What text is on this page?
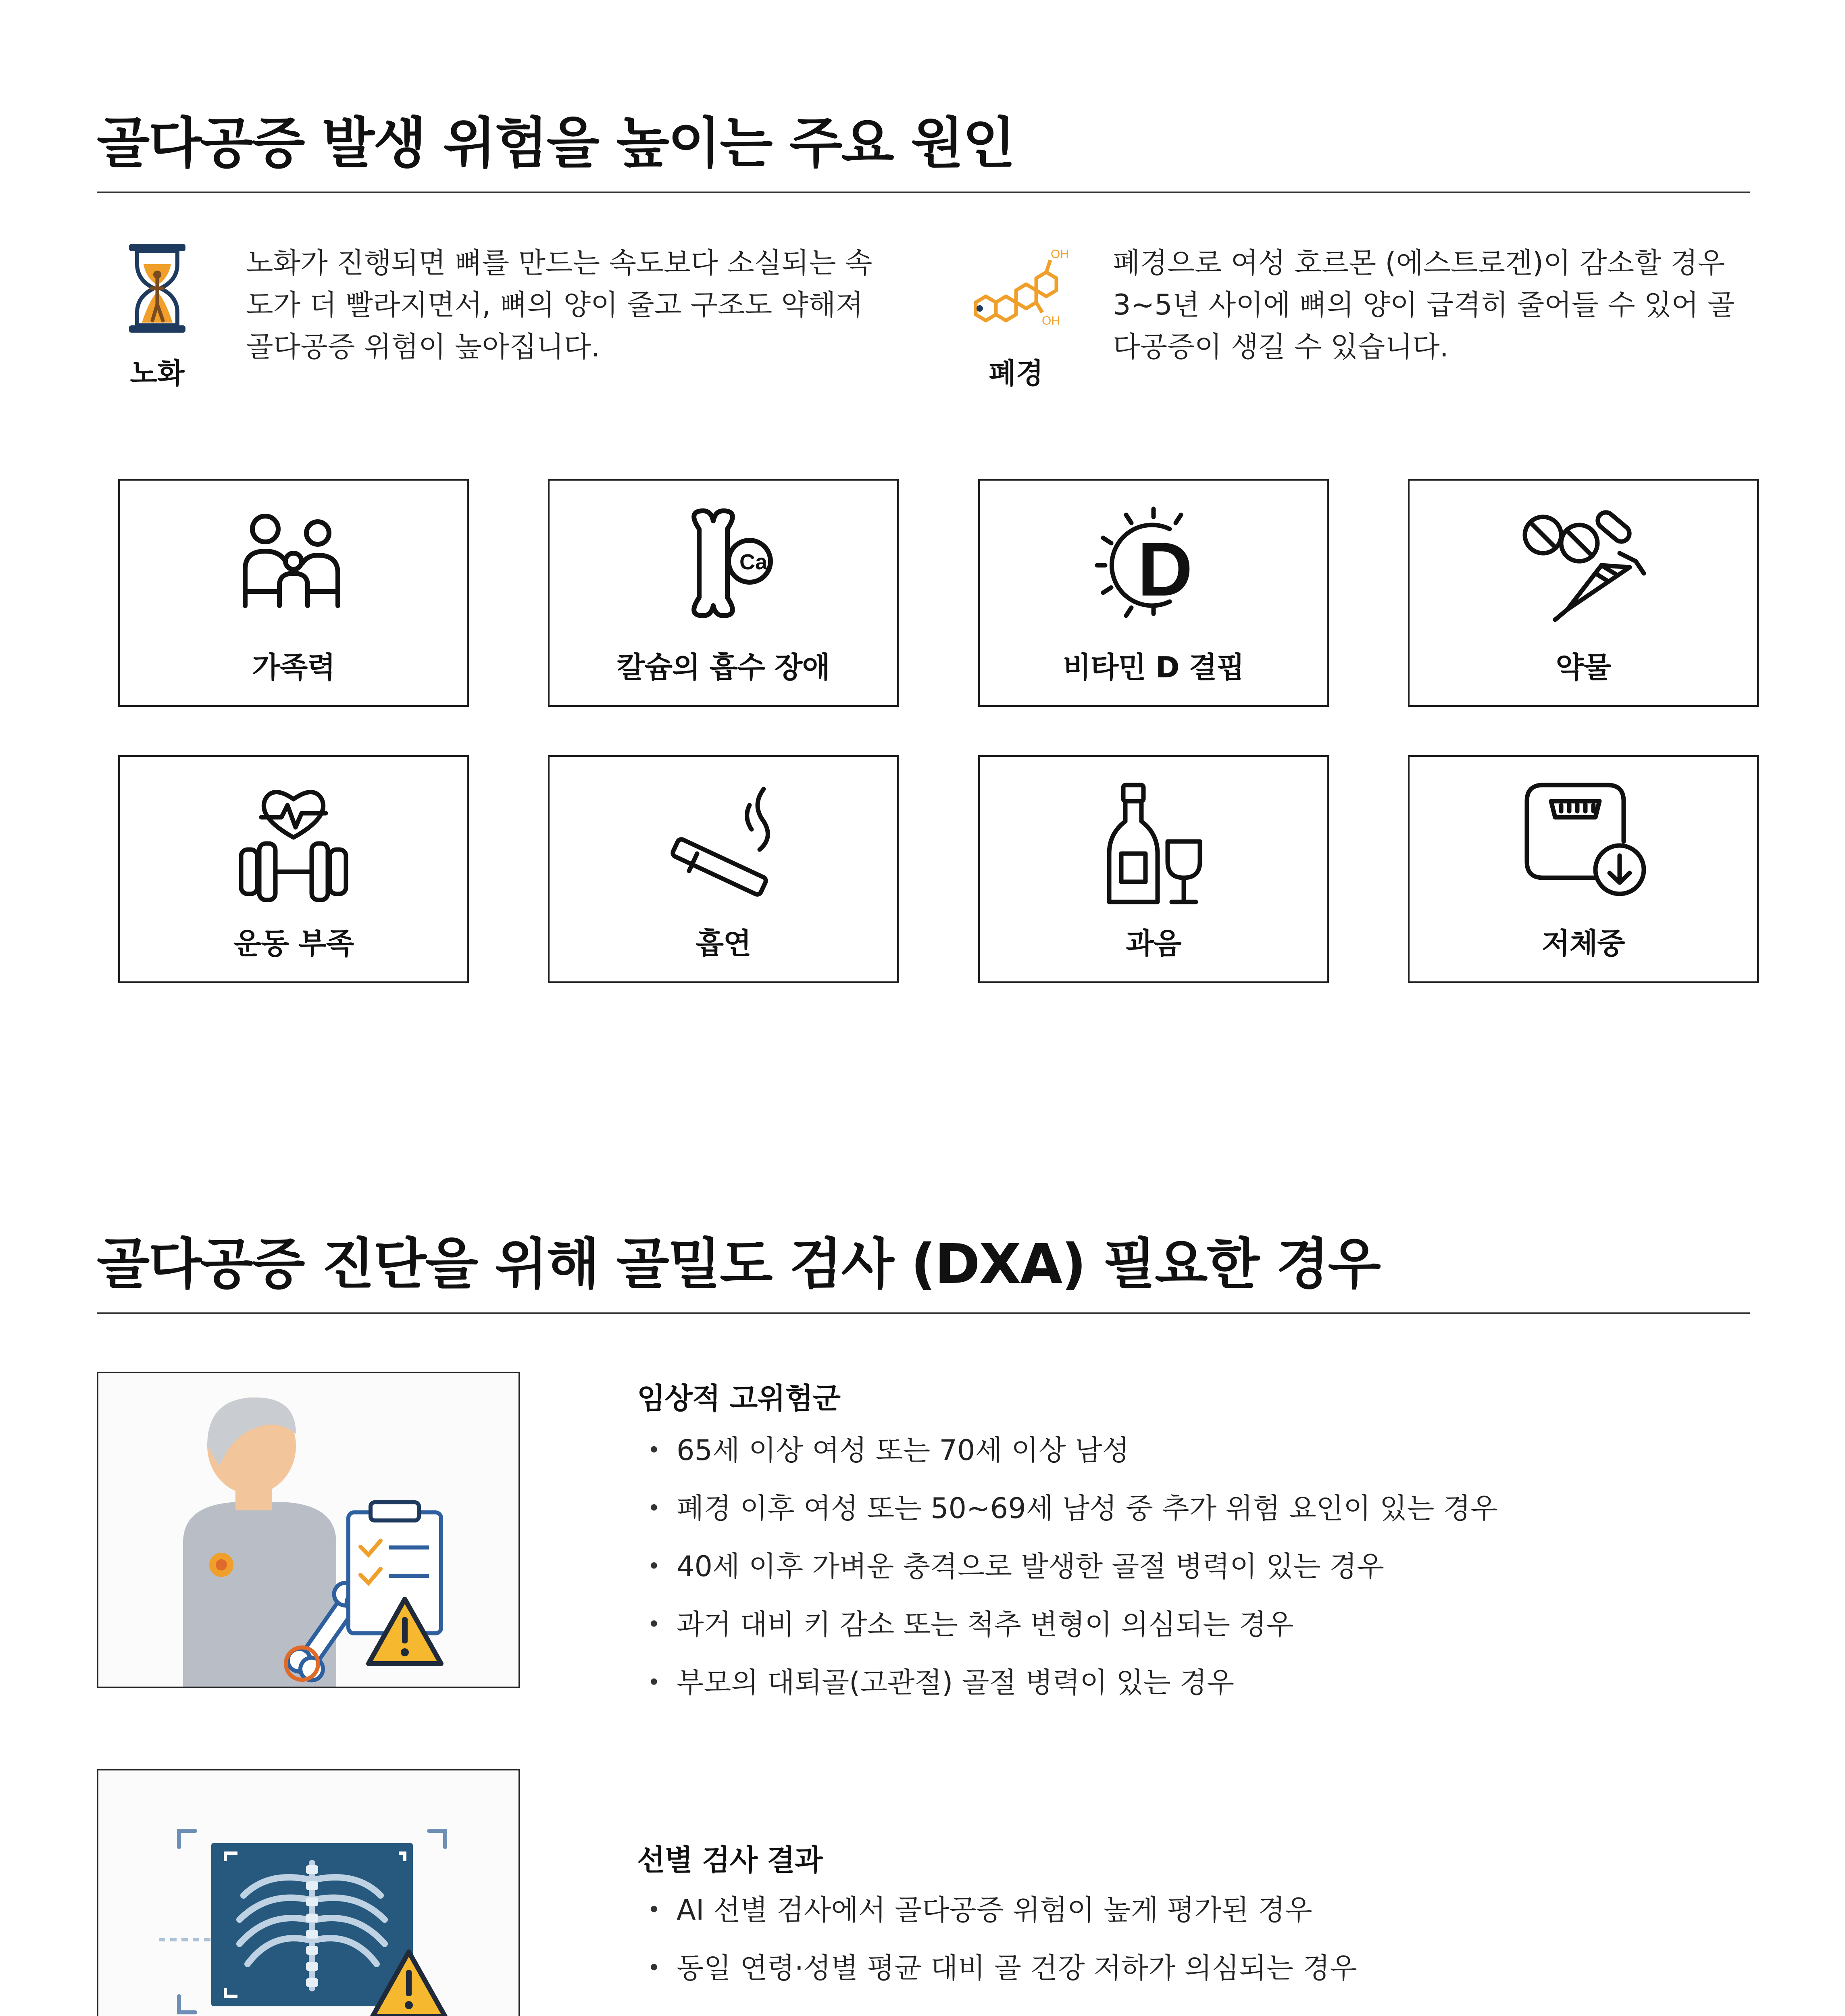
골다공증 발생 위험을 높이는 주요 원인
노화
노화가 진행되면 뼈를 만드는 속도보다 소실되는 속도가 더 빨라지면서, 뼈의 양이 줄고 구조도 약해져 골다공증 위험이 높아집니다.
OH
OH
폐경
폐경으로 여성 호르몬 (에스트로겐)이 감소할 경우 3~5년 사이에 뼈의 양이 급격히 줄어들 수 있어 골다공증이 생길 수 있습니다.
가족력
Ca
칼슘의 흡수 장애
D
비타민 D 결핍	약물
운동 부족	흡연	과음	저체중
골다공증 진단을 위해 골밀도 검사 (DXA) 필요한 경우
임상적 고위험군
• 65세 이상 여성 또는 70세 이상 남성
• 폐경 이후 여성 또는 50~69세 남성 중 추가 위험 요인이 있는 경우
• 40세 이후 가벼운 충격으로 발생한 골절 병력이 있는 경우
• 과거 대비 키 감소 또는 척추 변형이 의심되는 경우
• 부모의 대퇴골(고관절) 골절 병력이 있는 경우
선별 검사 결과
• AI 선별 검사에서 골다공증 위험이 높게 평가된 경우
• 동일 연령·성별 평균 대비 골 건강 저하가 의심되는 경우
